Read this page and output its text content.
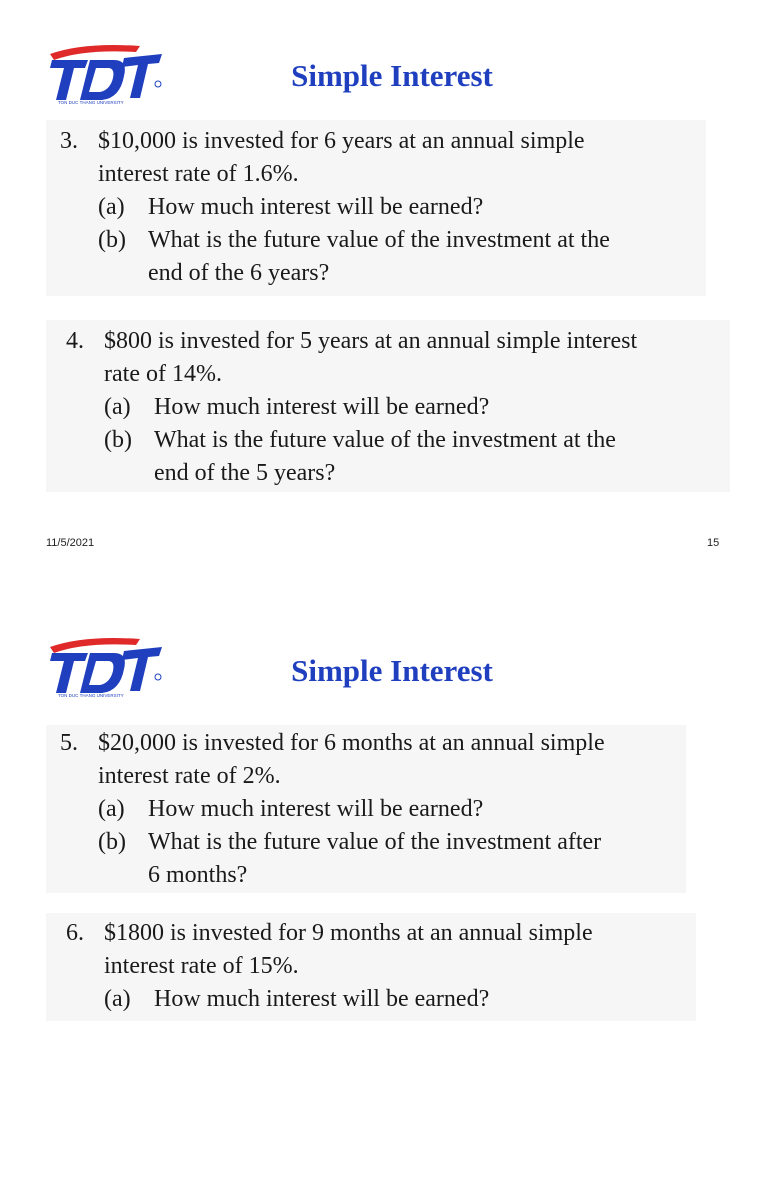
TON DUC THANG UNIVERSITY
Simple Interest
3. $10,000 is invested for 6 years at an annual simple
interest rate of 1.6%.
(a) How much interest will be earned?
(b) What is the future value of the investment at the
end of the 6 years?
4. $800 is invested for 5 years at an annual simple interest
rate of 14%.
(a) How much interest will be earned?
(b) What is the future value of the investment at the
end of the 5 years?
11/5/2021	15
TON DUC THANG UNIVERSITY
Simple Interest
5. $20,000 is invested for 6 months at an annual simple
interest rate of 2%.
(a) How much interest will be earned?
(b) What is the future value of the investment after
6 months?
6. $1800 is invested for 9 months at an annual simple
interest rate of 15%.
(a) How much interest will be earned?
